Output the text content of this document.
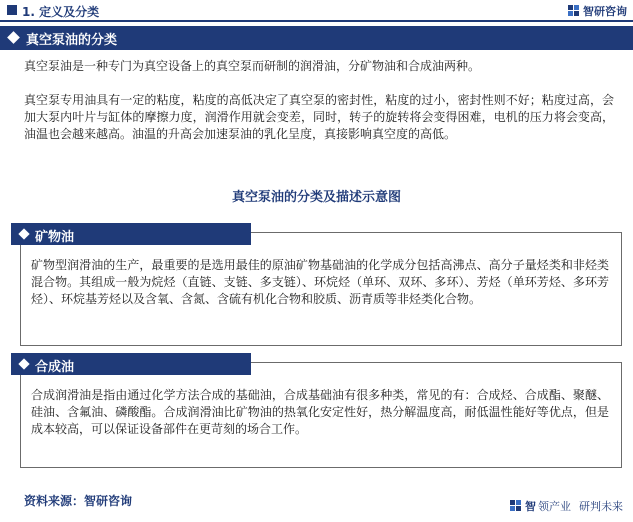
1. 定义及分类	智研咨询
真空泵油的分类
真空泵油是一种专门为真空设备上的真空泵而研制的润滑油，分矿物油和合成油两种。
真空泵专用油具有一定的粘度，粘度的高低决定了真空泵的密封性，粘度的过小，密封性则不好；粘度过高，会加大泵内叶片与缸体的摩擦力度，润滑作用就会变差，同时，转子的旋转将会变得困难，电机的压力将会变高，油温也会越来越高。油温的升高会加速泵油的乳化呈度，真接影响真空度的高低。
真空泵油的分类及描述示意图
矿物油
矿物型润滑油的生产，最重要的是选用最佳的原油矿物基础油的化学成分包括高沸点、高分子量烃类和非烃类混合物。其组成一般为烷烃（直链、支链、多支链）、环烷烃（单环、双环、多环）、芳烃（单环芳烃、多环芳烃）、环烷基芳烃以及含氧、含氮、含硫有机化合物和胶质、沥青质等非烃类化合物。
合成油
合成润滑油是指由通过化学方法合成的基础油，合成基础油有很多种类，常见的有：合成烃、合成酯、聚醚、硅油、含氟油、磷酸酯。合成润滑油比矿物油的热氧化安定性好，热分解温度高，耐低温性能好等优点，但是成本较高，可以保证设备部件在更苛刻的场合工作。
资料来源：智研咨询	智 领产业 研判未来
